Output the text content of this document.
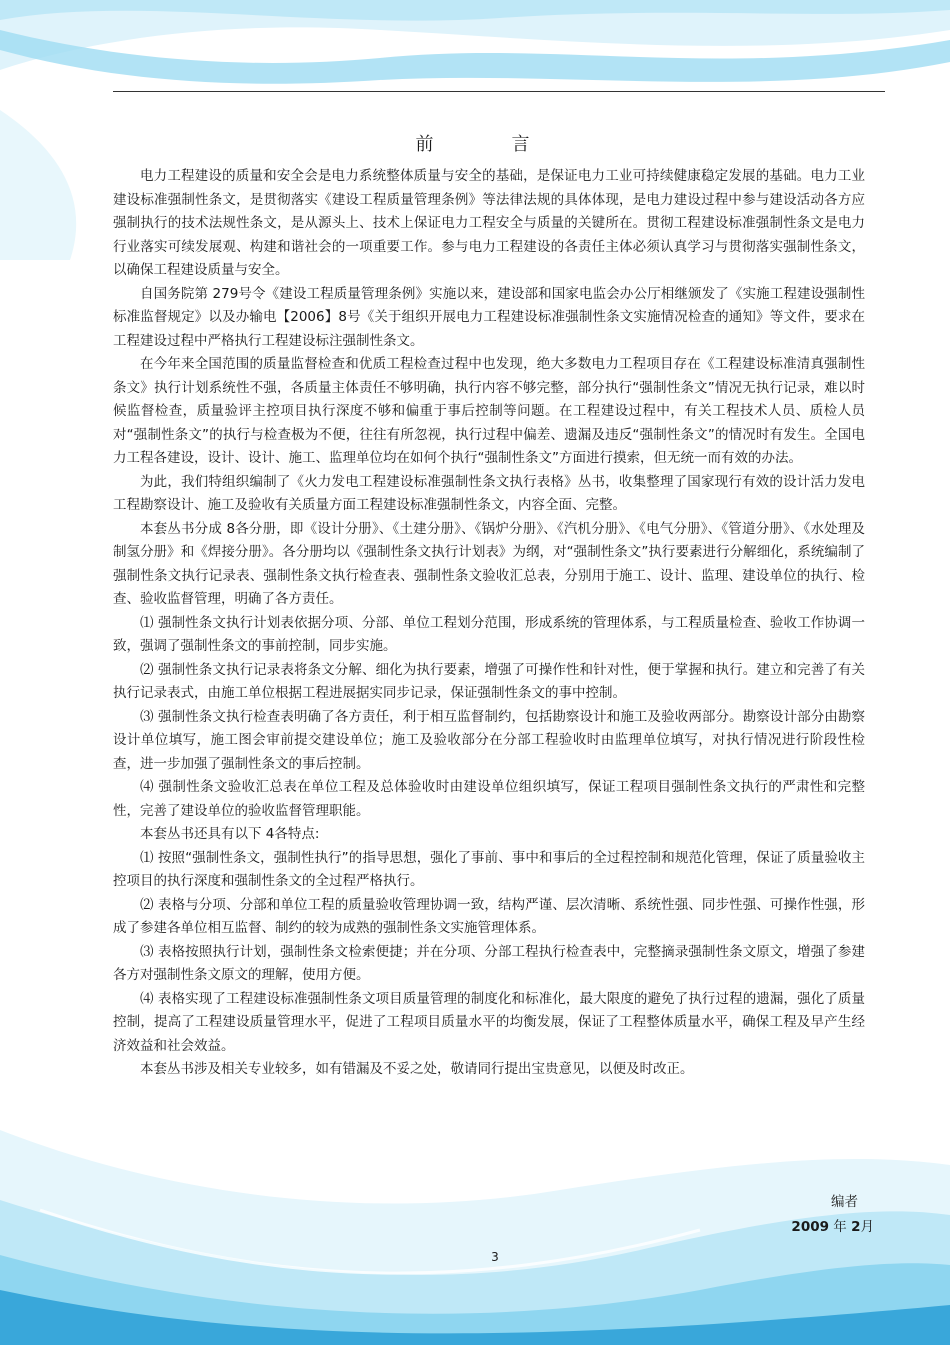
前　言

电力工程建设的质量和安全会是电力系统整体质量与安全的基础，是保证电力工业可持续健康稳定发展的基础。电力工业建设标准强制性条文，是贯彻落实《建设工程质量管理条例》等法律法规的具体体现，是电力建设过程中参与建设活动各方应强制执行的技术法规性条文，是从源头上、技术上保证电力工程安全与质量的关键所在。贯彻工程建设标准强制性条文是电力行业落实可续发展观、构建和谐社会的一项重要工作。参与电力工程建设的各责任主体必须认真学习与贯彻落实强制性条文，以确保工程建设质量与安全。

自国务院第 279号令《建设工程质量管理条例》实施以来，建设部和国家电监会办公厅相继颁发了《实施工程建设强制性标准监督规定》以及办输电【2006】8号《关于组织开展电力工程建设标准强制性条文实施情况检查的通知》等文件，要求在工程建设过程中严格执行工程建设标注强制性条文。

在今年来全国范围的质量监督检查和优质工程检查过程中也发现，绝大多数电力工程项目存在《工程建设标准清真强制性条文》执行计划系统性不强，各质量主体责任不够明确，执行内容不够完整，部分执行“强制性条文”情况无执行记录，难以时候监督检查，质量验评主控项目执行深度不够和偏重于事后控制等问题。在工程建设过程中，有关工程技术人员、质检人员对“强制性条文”的执行与检查极为不便，往往有所忽视，执行过程中偏差、遗漏及违反“强制性条文”的情况时有发生。全国电力工程各建设，设计、设计、施工、监理单位均在如何个执行“强制性条文”方面进行摸索，但无统一而有效的办法。

为此，我们特组织编制了《火力发电工程建设标准强制性条文执行表格》丛书，收集整理了国家现行有效的设计活力发电工程勘察设计、施工及验收有关质量方面工程建设标准强制性条文，内容全面、完整。

本套丛书分成 8各分册，即《设计分册》、《土建分册》、《锅炉分册》、《汽机分册》、《电气分册》、《管道分册》、《水处理及制氢分册》和《焊接分册》。各分册均以《强制性条文执行计划表》为纲，对“强制性条文”执行要素进行分解细化，系统编制了强制性条文执行记录表、强制性条文执行检查表、强制性条文验收汇总表，分别用于施工、设计、监理、建设单位的执行、检查、验收监督管理，明确了各方责任。

⑴ 强制性条文执行计划表依据分项、分部、单位工程划分范围，形成系统的管理体系，与工程质量检查、验收工作协调一致，强调了强制性条文的事前控制，同步实施。

⑵ 强制性条文执行记录表将条文分解、细化为执行要素，增强了可操作性和针对性，便于掌握和执行。建立和完善了有关执行记录表式，由施工单位根据工程进展据实同步记录，保证强制性条文的事中控制。

⑶ 强制性条文执行检查表明确了各方责任，利于相互监督制约，包括勘察设计和施工及验收两部分。勘察设计部分由勘察设计单位填写，施工图会审前提交建设单位；施工及验收部分在分部工程验收时由监理单位填写，对执行情况进行阶段性检查，进一步加强了强制性条文的事后控制。

⑷ 强制性条文验收汇总表在单位工程及总体验收时由建设单位组织填写，保证工程项目强制性条文执行的严肃性和完整性，完善了建设单位的验收监督管理职能。

本套丛书还具有以下 4各特点:

⑴ 按照“强制性条文，强制性执行”的指导思想，强化了事前、事中和事后的全过程控制和规范化管理，保证了质量验收主控项目的执行深度和强制性条文的全过程严格执行。

⑵ 表格与分项、分部和单位工程的质量验收管理协调一致，结构严谨、层次清晰、系统性强、同步性强、可操作性强，形成了参建各单位相互监督、制约的较为成熟的强制性条文实施管理体系。

⑶ 表格按照执行计划，强制性条文检索便捷；并在分项、分部工程执行检查表中，完整摘录强制性条文原文，增强了参建各方对强制性条文原文的理解，使用方便。

⑷ 表格实现了工程建设标准强制性条文项目质量管理的制度化和标准化，最大限度的避免了执行过程的遗漏，强化了质量控制，提高了工程建设质量管理水平，促进了工程项目质量水平的均衡发展，保证了工程整体质量水平，确保工程及早产生经济效益和社会效益。

本套丛书涉及相关专业较多，如有错漏及不妥之处，敬请同行提出宝贵意见，以便及时改正。

编者
2009 年 2月
3
